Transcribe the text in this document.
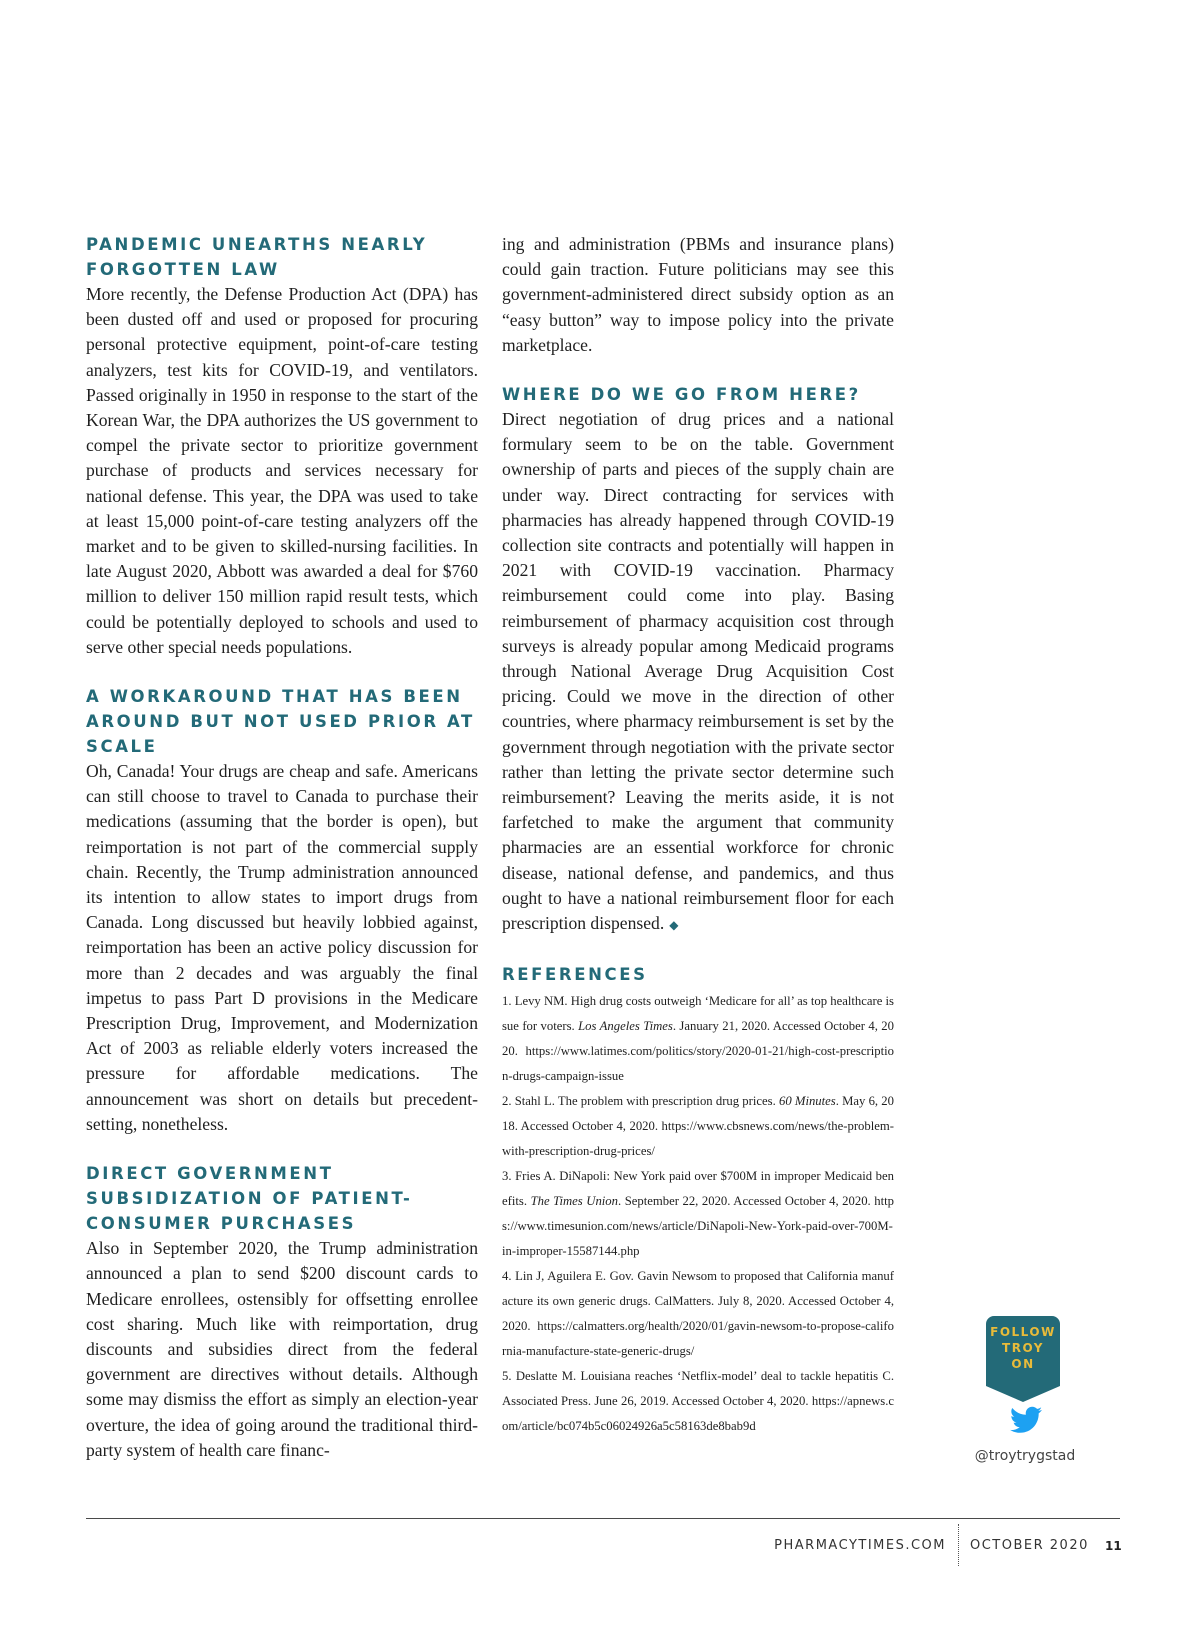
PANDEMIC UNEARTHS NEARLY FORGOTTEN LAW

More recently, the Defense Production Act (DPA) has been dusted off and used or proposed for procuring personal protective equipment, point-of-care testing analyzers, test kits for COVID-19, and ventilators. Passed originally in 1950 in response to the start of the Korean War, the DPA authorizes the US government to compel the private sector to prioritize government purchase of products and services necessary for national defense. This year, the DPA was used to take at least 15,000 point-of-care testing analyzers off the market and to be given to skilled-nursing facilities. In late August 2020, Abbott was awarded a deal for $760 million to deliver 150 million rapid result tests, which could be potentially deployed to schools and used to serve other special needs populations.

A WORKAROUND THAT HAS BEEN AROUND BUT NOT USED PRIOR AT SCALE

Oh, Canada! Your drugs are cheap and safe. Americans can still choose to travel to Canada to purchase their medications (assuming that the border is open), but reimportation is not part of the commercial supply chain. Recently, the Trump administration announced its intention to allow states to import drugs from Canada. Long discussed but heavily lobbied against, reimportation has been an active policy discussion for more than 2 decades and was arguably the final impetus to pass Part D provisions in the Medicare Prescription Drug, Improvement, and Modernization Act of 2003 as reliable elderly voters increased the pressure for affordable medications. The announcement was short on details but precedent-setting, nonetheless.

DIRECT GOVERNMENT SUBSIDIZATION OF PATIENT-CONSUMER PURCHASES

Also in September 2020, the Trump administration announced a plan to send $200 discount cards to Medicare enrollees, ostensibly for offsetting enrollee cost sharing. Much like with reimportation, drug discounts and subsidies direct from the federal government are directives without details. Although some may dismiss the effort as simply an election-year overture, the idea of going around the traditional third-party system of health care financ-

ing and administration (PBMs and insurance plans) could gain traction. Future politicians may see this government-administered direct subsidy option as an “easy button” way to impose policy into the private marketplace.

WHERE DO WE GO FROM HERE?

Direct negotiation of drug prices and a national formulary seem to be on the table. Government ownership of parts and pieces of the supply chain are under way. Direct contracting for services with pharmacies has already happened through COVID-19 collection site contracts and potentially will happen in 2021 with COVID-19 vaccination. Pharmacy reimbursement could come into play. Basing reimbursement of pharmacy acquisition cost through surveys is already popular among Medicaid programs through National Average Drug Acquisition Cost pricing. Could we move in the direction of other countries, where pharmacy reimbursement is set by the government through negotiation with the private sector rather than letting the private sector determine such reimbursement? Leaving the merits aside, it is not farfetched to make the argument that community pharmacies are an essential workforce for chronic disease, national defense, and pandemics, and thus ought to have a national reimbursement floor for each prescription dispensed. ◆

REFERENCES

1. Levy NM. High drug costs outweigh ‘Medicare for all’ as top healthcare issue for voters. Los Angeles Times. January 21, 2020. Accessed October 4, 2020. https://www.latimes.com/politics/story/2020-01-21/high-cost-prescription-drugs-campaign-issue

2. Stahl L. The problem with prescription drug prices. 60 Minutes. May 6, 2018. Accessed October 4, 2020. https://www.cbsnews.com/news/the-problem-with-prescription-drug-prices/

3. Fries A. DiNapoli: New York paid over $700M in improper Medicaid benefits. The Times Union. September 22, 2020. Accessed October 4, 2020. https://www.timesunion.com/news/article/DiNapoli-New-York-paid-over-700M-in-improper-15587144.php

4. Lin J, Aguilera E. Gov. Gavin Newsom to proposed that California manufacture its own generic drugs. CalMatters. July 8, 2020. Accessed October 4, 2020. https://calmatters.org/health/2020/01/gavin-newsom-to-propose-california-manufacture-state-generic-drugs/

5. Deslatte M. Louisiana reaches ‘Netflix-model’ deal to tackle hepatitis C. Associated Press. June 26, 2019. Accessed October 4, 2020. https://apnews.com/article/bc074b5c06024926a5c58163de8bab9d

FOLLOW
TROY
ON
@troytrygstad
PHARMACYTIMES.COM OCTOBER 2020 11
